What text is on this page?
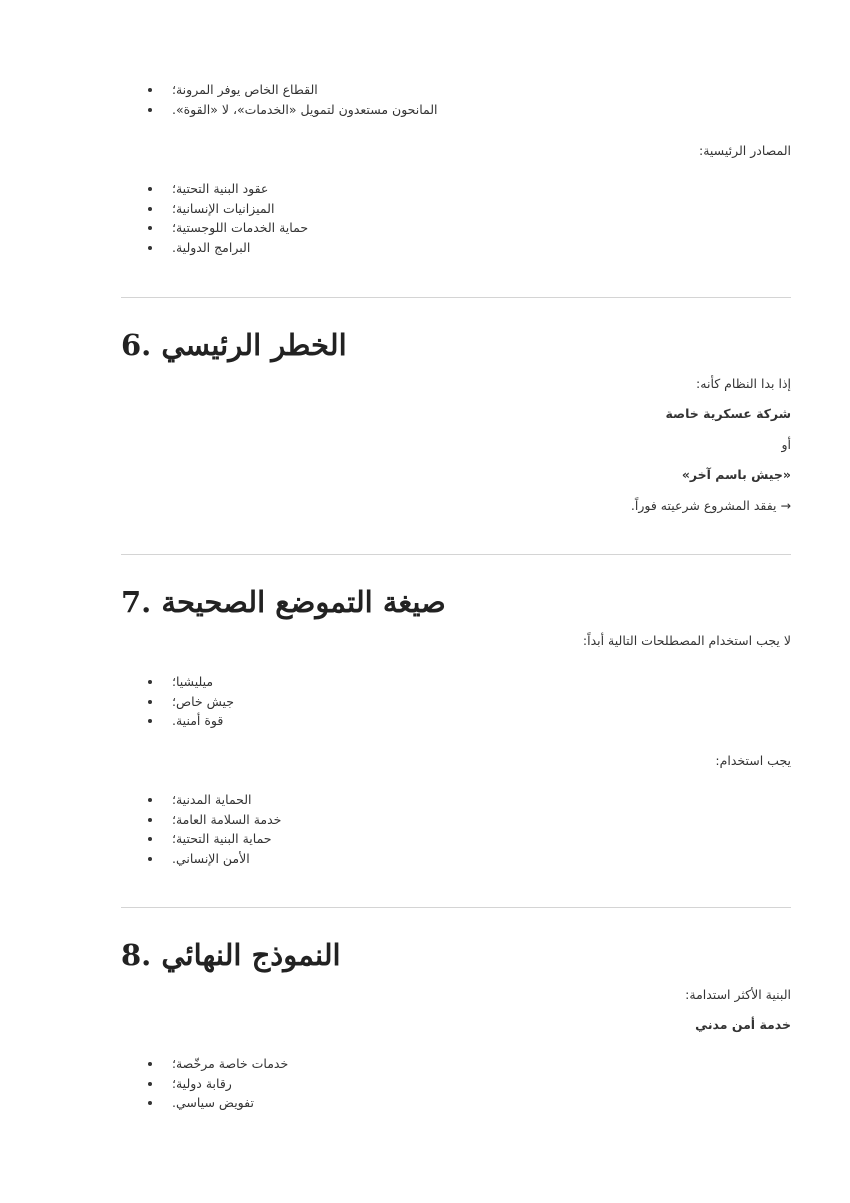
القطاع الخاص يوفر المرونة؛
المانحون مستعدون لتمويل «الخدمات»، لا «القوة».
المصادر الرئيسية:
عقود البنية التحتية؛
الميزانيات الإنسانية؛
حماية الخدمات اللوجستية؛
البرامج الدولية.
6. الخطر الرئيسي
إذا بدا النظام كأنه:
شركة عسكرية خاصة
أو
«جيش باسم آخر»
→ يفقد المشروع شرعيته فوراً.
7. صيغة التموضع الصحيحة
لا يجب استخدام المصطلحات التالية أبداً:
ميليشيا؛
جيش خاص؛
قوة أمنية.
يجب استخدام:
الحماية المدنية؛
خدمة السلامة العامة؛
حماية البنية التحتية؛
الأمن الإنساني.
8. النموذج النهائي
البنية الأكثر استدامة:
خدمة أمن مدني
خدمات خاصة مرخّصة؛
رقابة دولية؛
تفويض سياسي.
